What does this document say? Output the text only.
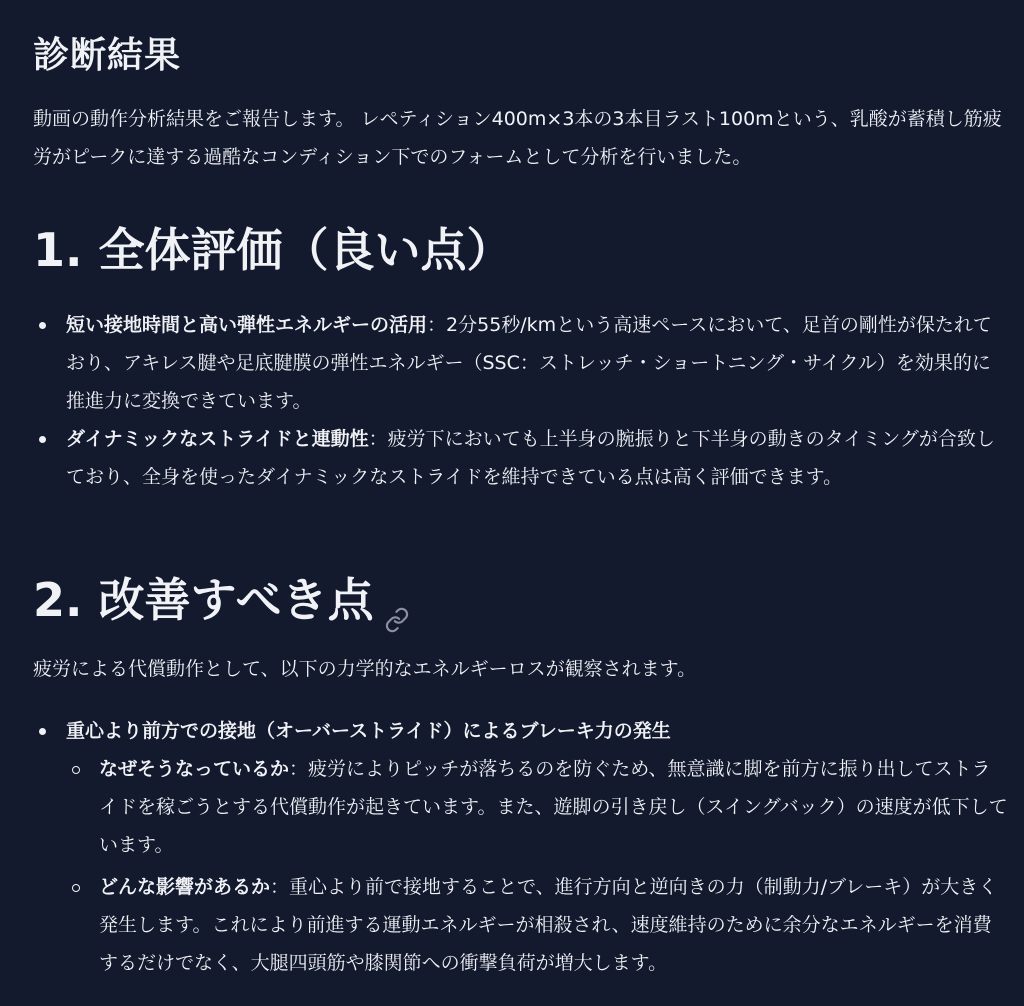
診断結果

動画の動作分析結果をご報告します。 レペティション400m×3本の3本目ラスト100mという、乳酸が蓄積し筋疲労がピークに達する過酷なコンディション下でのフォームとして分析を行いました。

1. 全体評価（良い点）
短い接地時間と高い弾性エネルギーの活用：2分55秒/kmという高速ペースにおいて、足首の剛性が保たれており、アキレス腱や足底腱膜の弾性エネルギー（SSC：ストレッチ・ショートニング・サイクル）を効果的に推進力に変換できています。
ダイナミックなストライドと連動性：疲労下においても上半身の腕振りと下半身の動きのタイミングが合致しており、全身を使ったダイナミックなストライドを維持できている点は高く評価できます。
2. 改善すべき点

疲労による代償動作として、以下の力学的なエネルギーロスが観察されます。

重心より前方での接地（オーバーストライド）によるブレーキ力の発生
なぜそうなっているか：疲労によりピッチが落ちるのを防ぐため、無意識に脚を前方に振り出してストライドを稼ごうとする代償動作が起きています。また、遊脚の引き戻し（スイングバック）の速度が低下しています。
どんな影響があるか：重心より前で接地することで、進行方向と逆向きの力（制動力/ブレーキ）が大きく発生します。これにより前進する運動エネルギーが相殺され、速度維持のために余分なエネルギーを消費するだけでなく、大腿四頭筋や膝関節への衝撃負荷が増大します。
